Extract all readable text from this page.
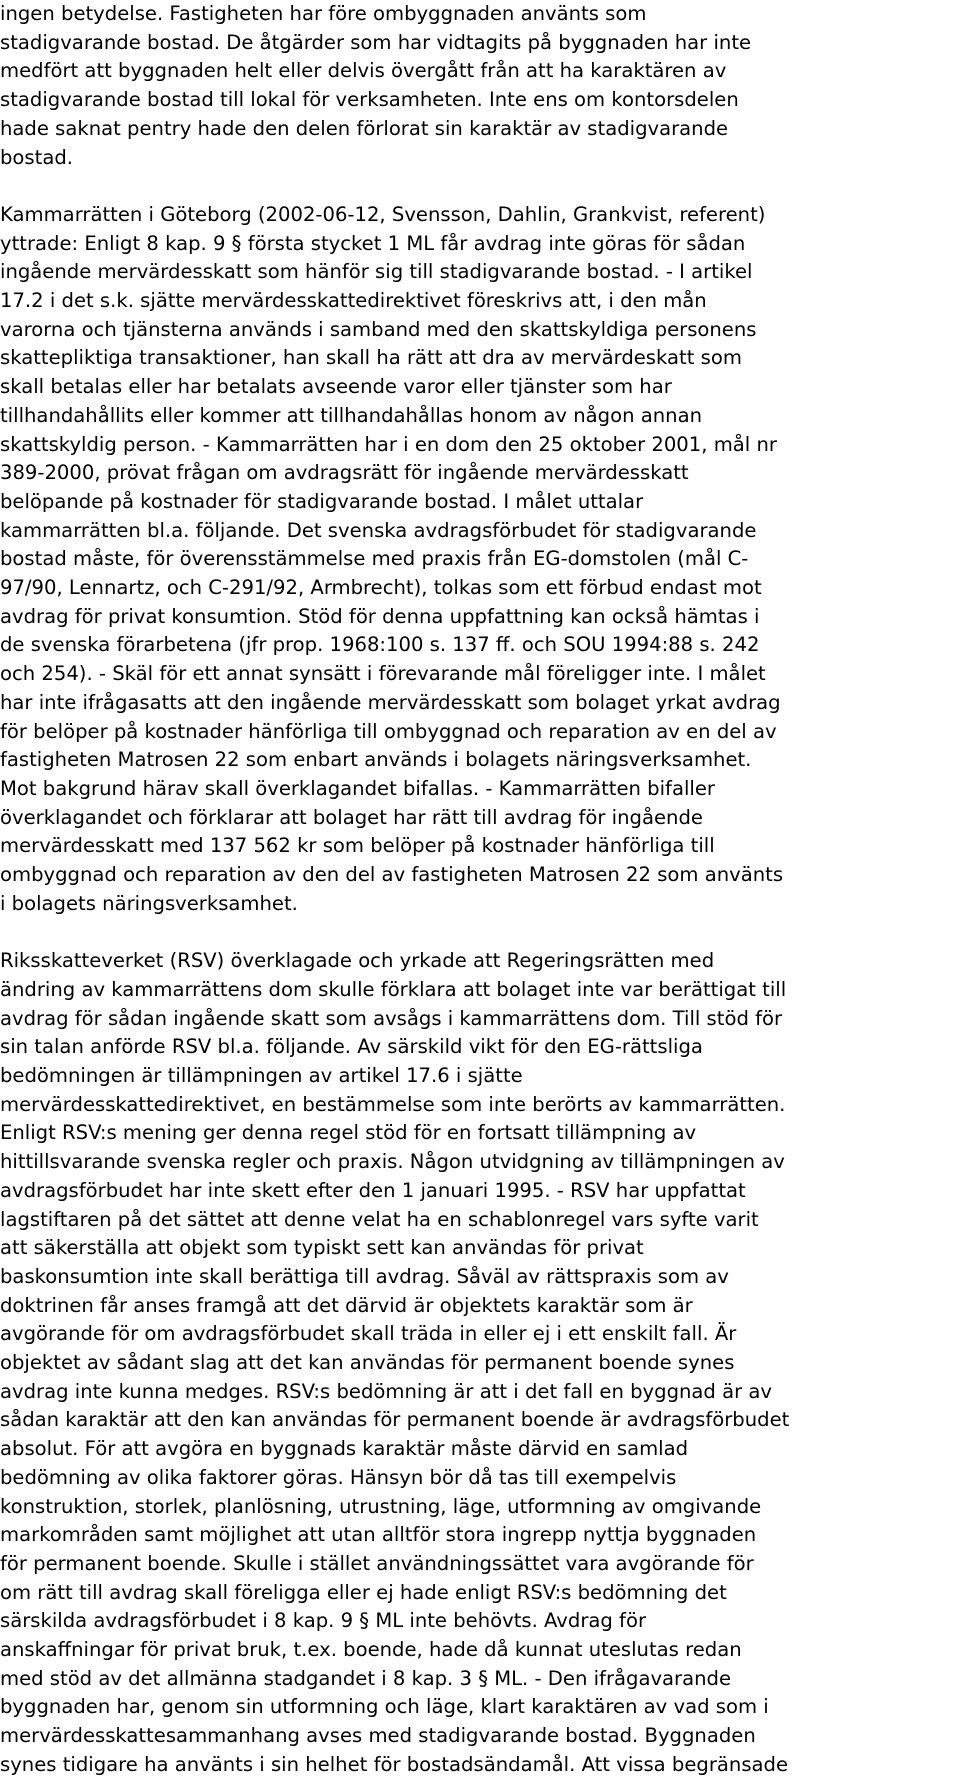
ingen betydelse. Fastigheten har före ombyggnaden använts som
stadigvarande bostad. De åtgärder som har vidtagits på byggnaden har inte
medfört att byggnaden helt eller delvis övergått från att ha karaktären av
stadigvarande bostad till lokal för verksamheten. Inte ens om kontorsdelen
hade saknat pentry hade den delen förlorat sin karaktär av stadigvarande
bostad.

Kammarrätten i Göteborg (2002-06-12, Svensson, Dahlin, Grankvist, referent)
yttrade: Enligt 8 kap. 9 § första stycket 1 ML får avdrag inte göras för sådan
ingående mervärdesskatt som hänför sig till stadigvarande bostad. - I artikel
17.2 i det s.k. sjätte mervärdesskattedirektivet föreskrivs att, i den mån
varorna och tjänsterna används i samband med den skattskyldiga personens
skattepliktiga transaktioner, han skall ha rätt att dra av mervärdeskatt som
skall betalas eller har betalats avseende varor eller tjänster som har
tillhandahållits eller kommer att tillhandahållas honom av någon annan
skattskyldig person. - Kammarrätten har i en dom den 25 oktober 2001, mål nr
389-2000, prövat frågan om avdragsrätt för ingående mervärdesskatt
belöpande på kostnader för stadigvarande bostad. I målet uttalar
kammarrätten bl.a. följande. Det svenska avdragsförbudet för stadigvarande
bostad måste, för överensstämmelse med praxis från EG-domstolen (mål C-
97/90, Lennartz, och C-291/92, Armbrecht), tolkas som ett förbud endast mot
avdrag för privat konsumtion. Stöd för denna uppfattning kan också hämtas i
de svenska förarbetena (jfr prop. 1968:100 s. 137 ff. och SOU 1994:88 s. 242
och 254). - Skäl för ett annat synsätt i förevarande mål föreligger inte. I målet
har inte ifrågasatts att den ingående mervärdesskatt som bolaget yrkat avdrag
för belöper på kostnader hänförliga till ombyggnad och reparation av en del av
fastigheten Matrosen 22 som enbart används i bolagets näringsverksamhet.
Mot bakgrund härav skall överklagandet bifallas. - Kammarrätten bifaller
överklagandet och förklarar att bolaget har rätt till avdrag för ingående
mervärdesskatt med 137 562 kr som belöper på kostnader hänförliga till
ombyggnad och reparation av den del av fastigheten Matrosen 22 som använts
i bolagets näringsverksamhet.

Riksskatteverket (RSV) överklagade och yrkade att Regeringsrätten med
ändring av kammarrättens dom skulle förklara att bolaget inte var berättigat till
avdrag för sådan ingående skatt som avsågs i kammarrättens dom. Till stöd för
sin talan anförde RSV bl.a. följande. Av särskild vikt för den EG-rättsliga
bedömningen är tillämpningen av artikel 17.6 i sjätte
mervärdesskattedirektivet, en bestämmelse som inte berörts av kammarrätten.
Enligt RSV:s mening ger denna regel stöd för en fortsatt tillämpning av
hittillsvarande svenska regler och praxis. Någon utvidgning av tillämpningen av
avdragsförbudet har inte skett efter den 1 januari 1995. - RSV har uppfattat
lagstiftaren på det sättet att denne velat ha en schablonregel vars syfte varit
att säkerställa att objekt som typiskt sett kan användas för privat
baskonsumtion inte skall berättiga till avdrag. Såväl av rättspraxis som av
doktrinen får anses framgå att det därvid är objektets karaktär som är
avgörande för om avdragsförbudet skall träda in eller ej i ett enskilt fall. Är
objektet av sådant slag att det kan användas för permanent boende synes
avdrag inte kunna medges. RSV:s bedömning är att i det fall en byggnad är av
sådan karaktär att den kan användas för permanent boende är avdragsförbudet
absolut. För att avgöra en byggnads karaktär måste därvid en samlad
bedömning av olika faktorer göras. Hänsyn bör då tas till exempelvis
konstruktion, storlek, planlösning, utrustning, läge, utformning av omgivande
markområden samt möjlighet att utan alltför stora ingrepp nyttja byggnaden
för permanent boende. Skulle i stället användningssättet vara avgörande för
om rätt till avdrag skall föreligga eller ej hade enligt RSV:s bedömning det
särskilda avdragsförbudet i 8 kap. 9 § ML inte behövts. Avdrag för
anskaffningar för privat bruk, t.ex. boende, hade då kunnat uteslutas redan
med stöd av det allmänna stadgandet i 8 kap. 3 § ML. - Den ifrågavarande
byggnaden har, genom sin utformning och läge, klart karaktären av vad som i
mervärdesskattesammanhang avses med stadigvarande bostad. Byggnaden
synes tidigare ha använts i sin helhet för bostadsändamål. Att vissa begränsade
